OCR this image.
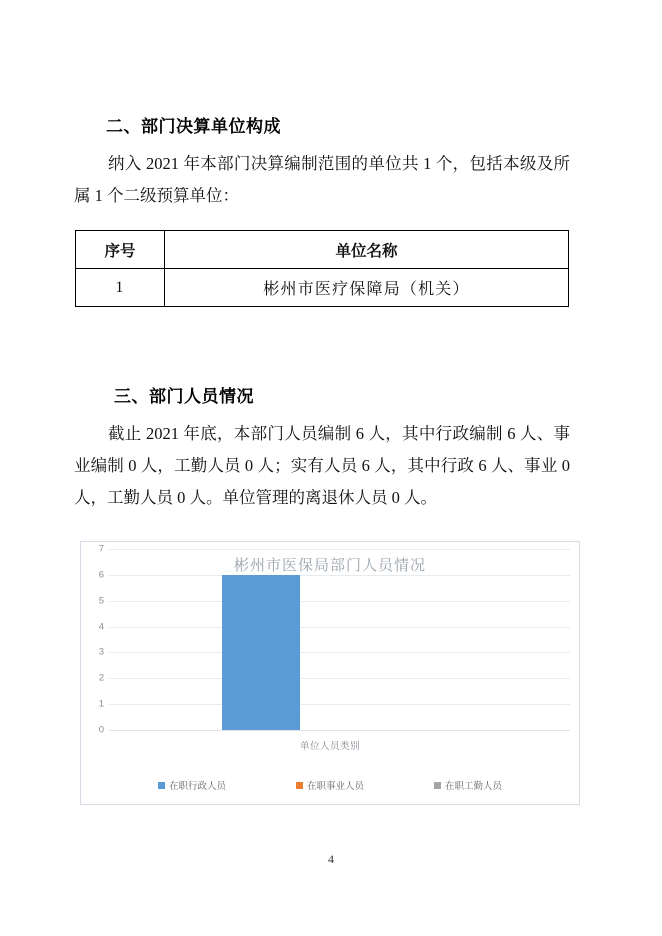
二、部门决算单位构成
纳入 2021 年本部门决算编制范围的单位共 1 个，包括本级及所属 1 个二级预算单位：
序号	单位名称
1	彬州市医疗保障局（机关）
三、部门人员情况
截止 2021 年底，本部门人员编制 6 人，其中行政编制 6 人、事业编制 0 人，工勤人员 0 人；实有人员 6 人，其中行政 6 人、事业 0 人，工勤人员 0 人。单位管理的离退休人员 0 人。
彬州市医保局部门人员情况
7
6
5
4
3
2
1
0
单位人员类别
在职行政人员	在职事业人员	在职工勤人员
4
